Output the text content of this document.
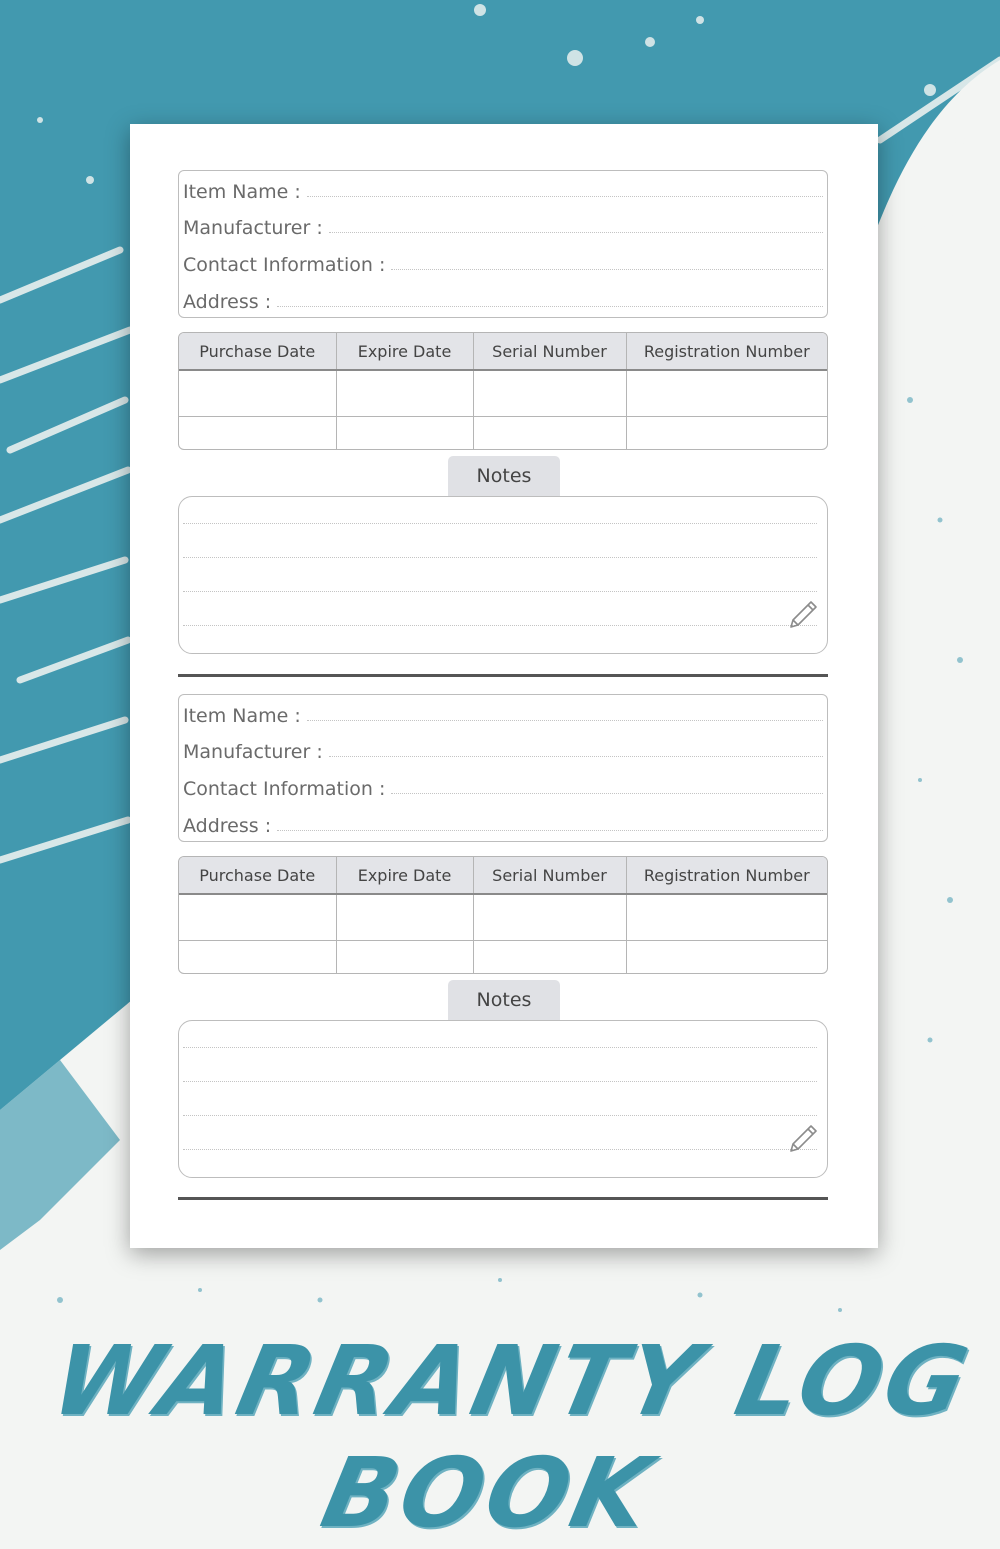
Item Name :
Manufacturer :
Contact Information :
Address :
Purchase Date	Expire Date	Serial Number	Registration Number

Notes
Item Name :
Manufacturer :
Contact Information :
Address :
Purchase Date	Expire Date	Serial Number	Registration Number

Notes
WARRANTY LOG BOOK
